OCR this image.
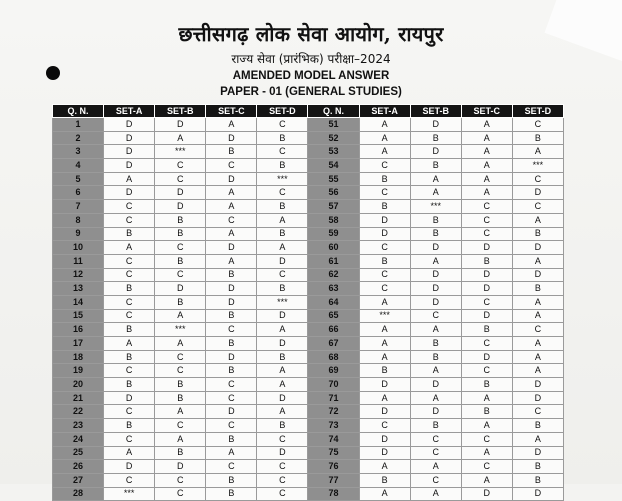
छत्तीसगढ़ लोक सेवा आयोग, रायपुर
राज्य सेवा (प्रारंभिक) परीक्षा–2024
AMENDED MODEL ANSWER
PAPER - 01 (GENERAL STUDIES)
Q. N.	SET-A	SET-B	SET-C	SET-D	Q. N.	SET-A	SET-B	SET-C	SET-D
1	D	D	A	C	51	A	D	A	C
2	D	A	D	B	52	A	B	A	B
3	D	***	B	C	53	A	D	A	A
4	D	C	C	B	54	C	B	A	***
5	A	C	D	***	55	B	A	A	C
6	D	D	A	C	56	C	A	A	D
7	C	D	A	B	57	B	***	C	C
8	C	B	C	A	58	D	B	C	A
9	B	B	A	B	59	D	B	C	B
10	A	C	D	A	60	C	D	D	D
11	C	B	A	D	61	B	A	B	A
12	C	C	B	C	62	C	D	D	D
13	B	D	D	B	63	C	D	D	B
14	C	B	D	***	64	A	D	C	A
15	C	A	B	D	65	***	C	D	A
16	B	***	C	A	66	A	A	B	C
17	A	A	B	D	67	A	B	C	A
18	B	C	D	B	68	A	B	D	A
19	C	C	B	A	69	B	A	C	A
20	B	B	C	A	70	D	D	B	D
21	D	B	C	D	71	A	A	A	D
22	C	A	D	A	72	D	D	B	C
23	B	C	C	B	73	C	B	A	B
24	C	A	B	C	74	D	C	C	A
25	A	B	A	D	75	D	C	A	D
26	D	D	C	C	76	A	A	C	B
27	C	C	B	C	77	B	C	A	B
28	***	C	B	C	78	A	A	D	D
